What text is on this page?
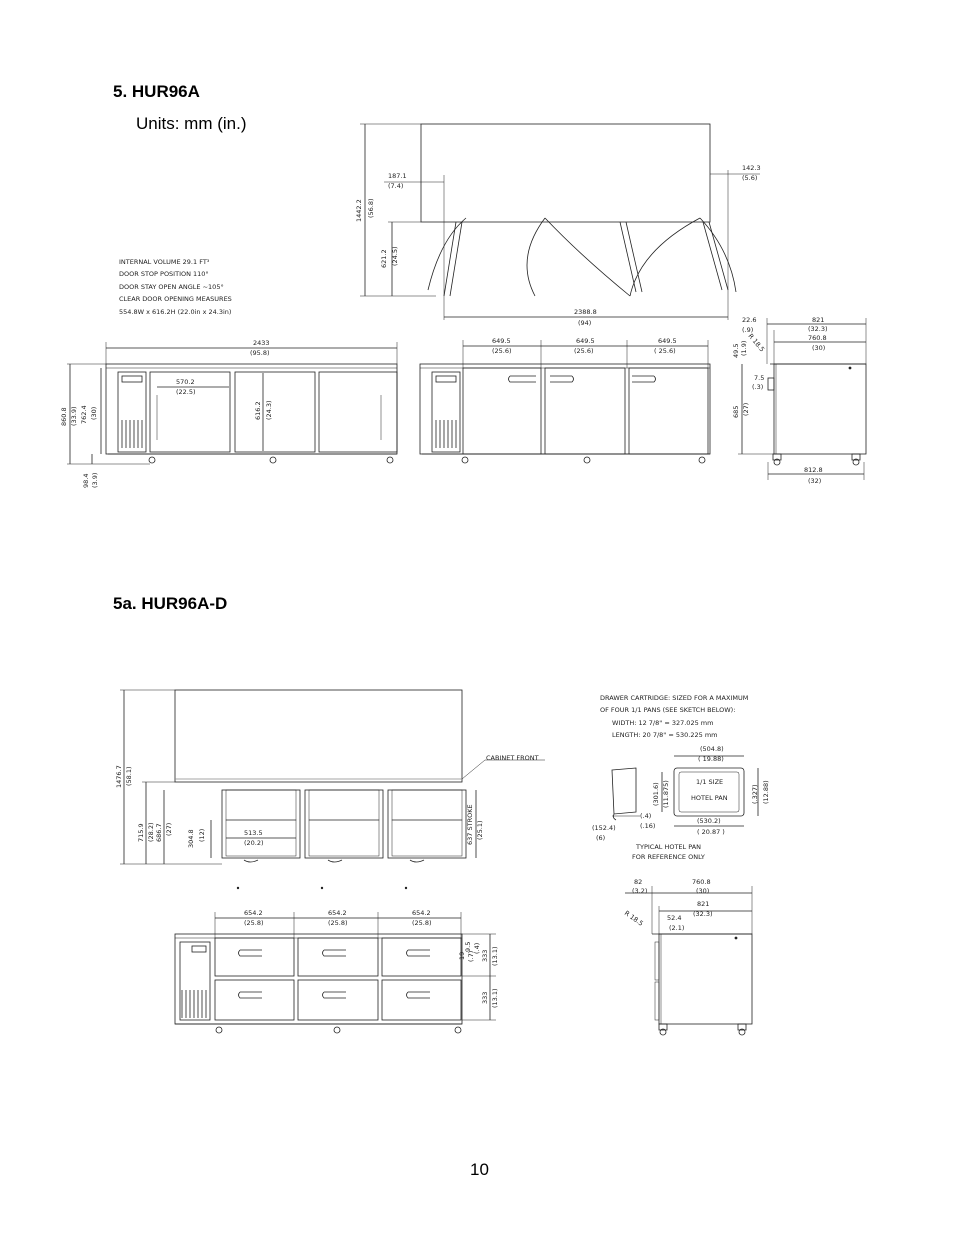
5. HUR96A
Units: mm (in.)
5a. HUR96A-D
10
187.1
(7.4)
142.3
(5.6)
1442.2 (56.8)
621.2 (24.5)
2388.8
(94)
INTERNAL VOLUME 29.1 FT³
DOOR STOP POSITION 110°
DOOR STAY OPEN ANGLE ~105°
CLEAR DOOR OPENING MEASURES
554.8W x 616.2H (22.0in x 24.3in)
2433
(95.8)
570.2
(22.5)
616.2 (24.3)
860.8 (33.9) 762.4 (30)
98.4 (3.9)
649.5
(25.6)
649.5
(25.6)
649.5
( 25.6)
22.6
(.9)
821
(32.3)
760.8
(30)
49.5 (1.9)
R 18.5
7.5
(.3)
685 (27)
812.8
(32)
CABINET FRONT
1476.7 (58.1)
715.9 (28.2) 686.7 (27)
304.8 (12)	513.5
(20.2)	637 STROKE (25.1)
DRAWER CARTRIDGE: SIZED FOR A MAXIMUM
OF FOUR 1/1 PANS (SEE SKETCH BELOW):
WIDTH: 12 7/8" = 327.025 mm
LENGTH: 20 7/8" = 530.225 mm
(504.8)
( 19.88)
(301.6) (11.875)	(.327) (12.88)
1/1 SIZE
HOTEL PAN
(.4)
(.16)
(152.4)
(6)
(530.2)
( 20.87 )
TYPICAL HOTEL PAN
FOR REFERENCE ONLY
654.2
(25.8)
654.2
(25.8)
654.2
(25.8)
19 (.7)
9.5 (.4)
333 (13.1)
333 (13.1)
82
(3.2)
760.8
(30)
821
(32.3)
R 18.5	52.4
(2.1)
